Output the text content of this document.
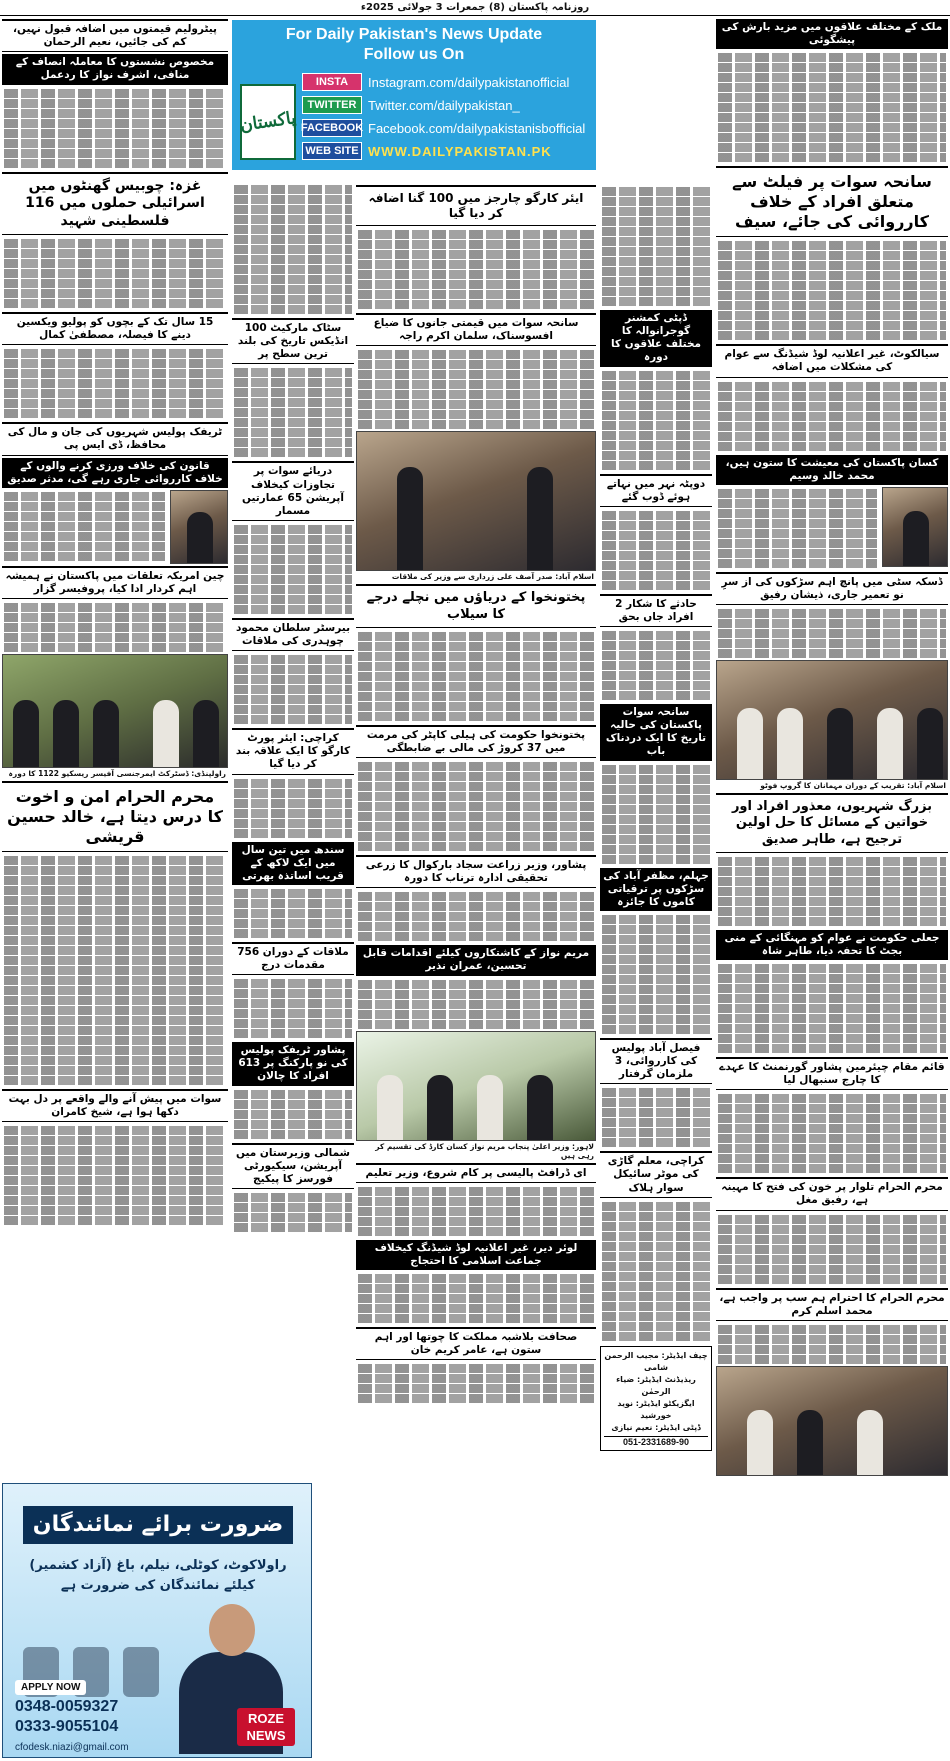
روزنامہ پاکستان (8) جمعرات 3 جولائی 2025ء
For Daily Pakistan's News Update
Follow us On
پاکستان
INSTA	Instagram.com/dailypakistanofficial
TWITTER Twitter.com/dailypakistan_
FACEBOOK Facebook.com/dailypakistanisbofficial
WEB SITE WWW.DAILYPAKISTAN.PK
ملک کے مختلف علاقوں میں مزید بارش کی پیشگوئی
سانحہ سوات پر فیلٹ سے متعلق افراد کے خلاف کارروائی کی جائے، سیف
سیالکوٹ، غیر اعلانیہ لوڈ شیڈنگ سے عوام کی مشکلات میں اضافہ
کسان پاکستان کی معیشت کا ستون ہیں، محمد خالد وسیم
ڈسکہ سٹی میں پانچ اہم سڑکوں کی از سرِ نو تعمیر جاری، ذیشان رفیق
اسلام آباد: تقریب کے دوران مہمانان کا گروپ فوٹو
بزرگ شہریوں، معذور افراد اور خواتین کے مسائل کا حل اولین ترجیح ہے، طاہر صدیق
جعلی حکومت نے عوام کو مہنگائی کے منی بجٹ کا تحفہ دیا، طاہر شاہ
قائم مقام چیئرمین پشاور گورنمنٹ کا عہدے کا چارج سنبھال لیا
محرم الحرام تلوار پر خون کی فتح کا مہینہ ہے، رفیق مغل
محرم الحرام کا احترام ہم سب پر واجب ہے، محمد اسلم کرم
ڈپٹی کمشنر گوجرانوالہ کا مختلف علاقوں کا دورہ
دوپٹہ نہر میں نہاتے ہوئے ڈوب گئے
حادثے کا شکار 2 افراد جاں بحق
سانحہ سوات پاکستان کی حالیہ تاریخ کا ایک دردناک باب
جہلم، مظفر آباد کی سڑکوں پر ترقیاتی کاموں کا جائزہ
فیصل آباد پولیس کی کارروائی، 3 ملزمان گرفتار
کراچی، معلم گاڑی کی موٹر سائیکل سوار ہلاک
چیف ایڈیٹر: مجیب الرحمن شامی
ریذیڈنٹ ایڈیٹر: ضیاء الرحمٰن
ایگزیکٹو ایڈیٹر: نوید خورشید
ڈپٹی ایڈیٹر: نعیم نیازی
051-2331689-90
ایئر کارگو چارجز میں 100 گنا اضافہ کر دیا گیا
سانحہ سوات میں قیمتی جانوں کا ضیاع افسوسناک، سلمان اکرم راجہ
اسلام آباد: صدر آصف علی زرداری سے وزیر کی ملاقات
پختونخوا کے دریاؤں میں نچلے درجے کا سیلاب
پختونخوا حکومت کی ہیلی کاپٹر کی مرمت میں 37 کروڑ کی مالی بے ضابطگی
پشاور، وزیر زراعت سجاد بارکوال کا زرعی تحقیقی ادارہ ترناب کا دورہ
مریم نواز کے کاشتکاروں کیلئے اقدامات قابل تحسین، عمران نذیر
لاہور: وزیر اعلیٰ پنجاب مریم نواز کسان کارڈ کی تقسیم کر رہی ہیں
ای ڈرافٹ پالیسی پر کام شروع، وزیر تعلیم
لوئر دیر، غیر اعلانیہ لوڈ شیڈنگ کیخلاف جماعت اسلامی کا احتجاج
صحافت بلاشبہ مملکت کا چوتھا اور اہم ستون ہے، عامر کریم خان
سٹاک مارکیٹ 100 انڈیکس تاریخ کی بلند ترین سطح پر
دریائے سوات پر تجاوزات کیخلاف آپریشن 65 عمارتیں مسمار
بیرسٹر سلطان محمود چوہدری کی ملاقات
کراچی: ایئر پورٹ کارگو کا ایک علاقہ بند کر دیا گیا
سندھ میں تین سال میں ایک لاکھ کے قریب اساتذہ بھرتی
ملاقات کے دوران 756 مقدمات درج
پشاور ٹریفک پولیس کی نو پارکنگ پر 613 افراد کا چالان
شمالی وزیرستان میں آپریشن، سیکیورٹی فورسز کا پیکیج
پیٹرولیم قیمتوں میں اضافہ قبول نہیں، کم کی جائیں، نعیم الرحمان
مخصوص نشستوں کا معاملہ انصاف کے منافی، اشرف نواز کا ردعمل
غزہ: چوبیس گھنٹوں میں اسرائیلی حملوں میں 116 فلسطینی شہید
15 سال تک کے بچوں کو پولیو ویکسین دینے کا فیصلہ، مصطفیٰ کمال
ٹریفک پولیس شہریوں کی جان و مال کی محافظ، ڈی ایس پی
قانون کی خلاف ورزی کرنے والوں کے خلاف کارروائی جاری رہے گی، مدثر صدیق
چین امریکہ تعلقات میں پاکستان نے ہمیشہ اہم کردار ادا کیا، پروفیسر گزار
راولپنڈی: ڈسٹرکٹ ایمرجنسی آفیسر ریسکیو 1122 کا دورہ
محرم الحرام امن و اخوت کا درس دیتا ہے، خالد حسین قریشی
سوات میں پیش آنے والے واقعے پر دل بہت دکھا ہوا ہے، شیخ کامران
ضرورت برائے نمائندگان
راولاکوٹ، کوٹلی، نیلم، باغ (آزاد کشمیر)
کیلئے نمائندگان کی ضرورت ہے
APPLY NOW
0348-0059327
0333-9055104
cfodesk.niazi@gmail.com
ROZE
NEWS
